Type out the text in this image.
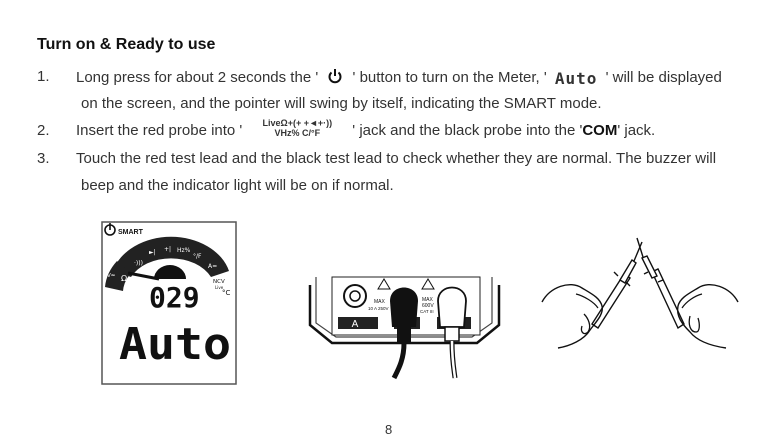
Turn on & Ready to use
1. Long press for about 2 seconds the ' ' button to turn on the Meter, ' Auto ' will be displayed
on the screen, and the pointer will swing by itself, indicating the SMART mode.
2. Insert the red probe into ' LiveΩ+(+ +◄+·))
VHz% C/°F	' jack and the black probe into the 'COM' jack.
3. Touch the red test lead and the black test lead to check whether they are normal. The buzzer will
beep and the indicator light will be on if normal.
SMART
Ω
·)))
►| +| Hz%
°/F
A≃
NCV
Live
V≃
029	°C
Auto	A
MAX
10 A 250V
MAX
600V
CAT III
8
